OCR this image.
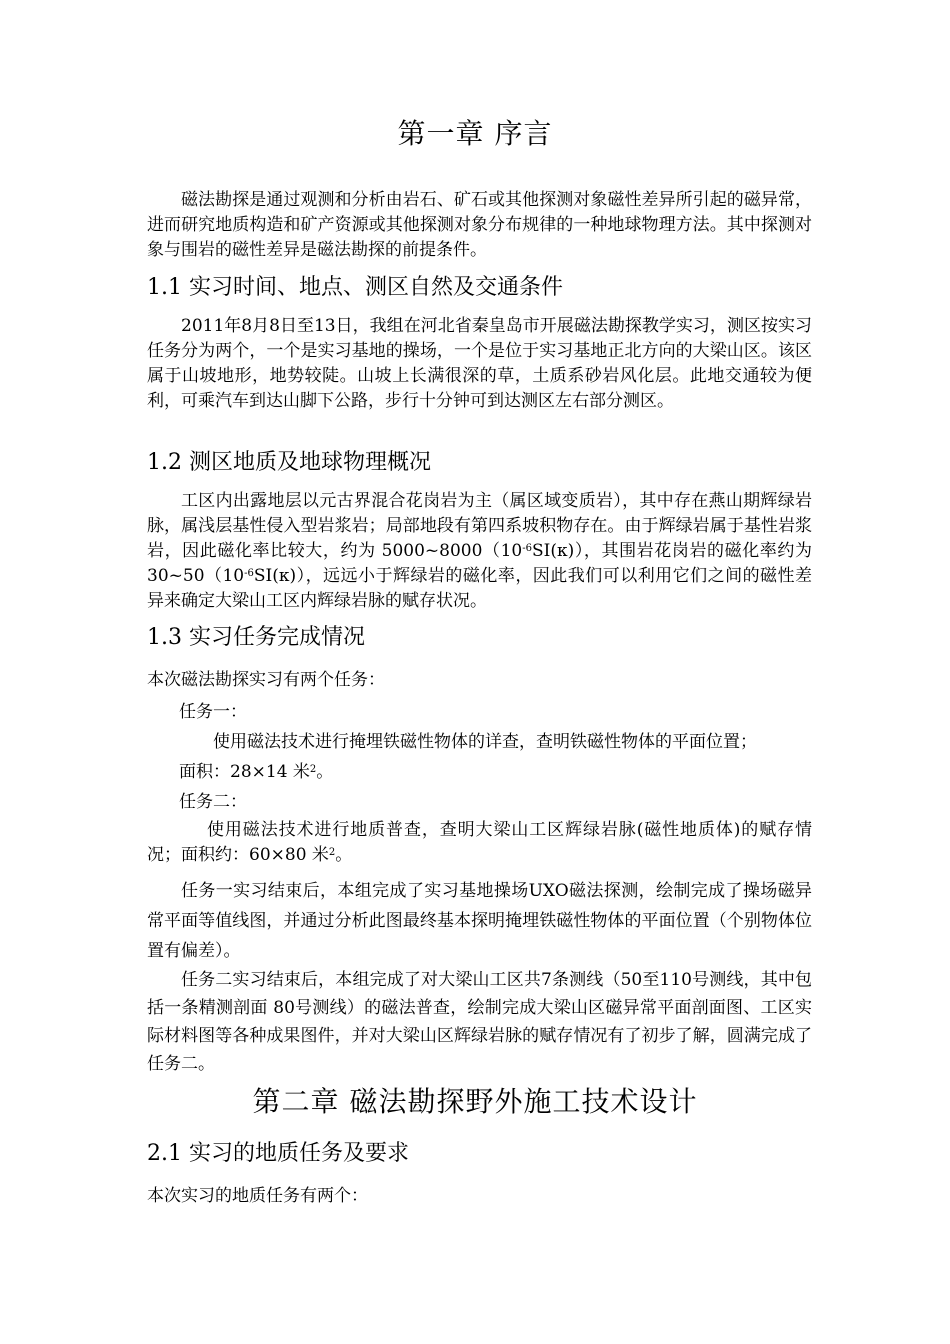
第一章 序言

磁法勘探是通过观测和分析由岩石、矿石或其他探测对象磁性差异所引起的磁异常，进而研究地质构造和矿产资源或其他探测对象分布规律的一种地球物理方法。其中探测对象与围岩的磁性差异是磁法勘探的前提条件。

1.1 实习时间、地点、测区自然及交通条件

2011年8月8日至13日，我组在河北省秦皇岛市开展磁法勘探教学实习，测区按实习任务分为两个，一个是实习基地的操场，一个是位于实习基地正北方向的大梁山区。该区属于山坡地形，地势较陡。山坡上长满很深的草，土质系砂岩风化层。此地交通较为便利，可乘汽车到达山脚下公路，步行十分钟可到达测区左右部分测区。

1.2 测区地质及地球物理概况

工区内出露地层以元古界混合花岗岩为主（属区域变质岩），其中存在燕山期辉绿岩脉，属浅层基性侵入型岩浆岩；局部地段有第四系坡积物存在。由于辉绿岩属于基性岩浆岩，因此磁化率比较大，约为 $5000\sim 8000(10^{-6}SI(\kappa))$，其围岩花岗岩的磁化率约为 $30\sim 50(10^{-6}SI(\kappa))$，远远小于辉绿岩的磁化率，因此我们可以利用它们之间的磁性差异来确定大梁山工区内辉绿岩脉的赋存状况。

1.3 实习任务完成情况

本次磁法勘探实习有两个任务：

任务一：

使用磁法技术进行掩埋铁磁性物体的详查，查明铁磁性物体的平面位置；

面积：28×14 米$^2$。

任务二：

使用磁法技术进行地质普查，查明大梁山工区辉绿岩脉(磁性地质体)的赋存情况；面积约：60×80 米$^2$。

任务一实习结束后，本组完成了实习基地操场UXO磁法探测，绘制完成了操场磁异常平面等值线图，并通过分析此图最终基本探明掩埋铁磁性物体的平面位置（个别物体位置有偏差）。

任务二实习结束后，本组完成了对大梁山工区共7条测线（50至110号测线，其中包括一条精测剖面 80号测线）的磁法普查，绘制完成大梁山区磁异常平面剖面图、工区实际材料图等各种成果图件，并对大梁山区辉绿岩脉的赋存情况有了初步了解，圆满完成了任务二。

第二章 磁法勘探野外施工技术设计
2.1 实习的地质任务及要求

本次实习的地质任务有两个：
